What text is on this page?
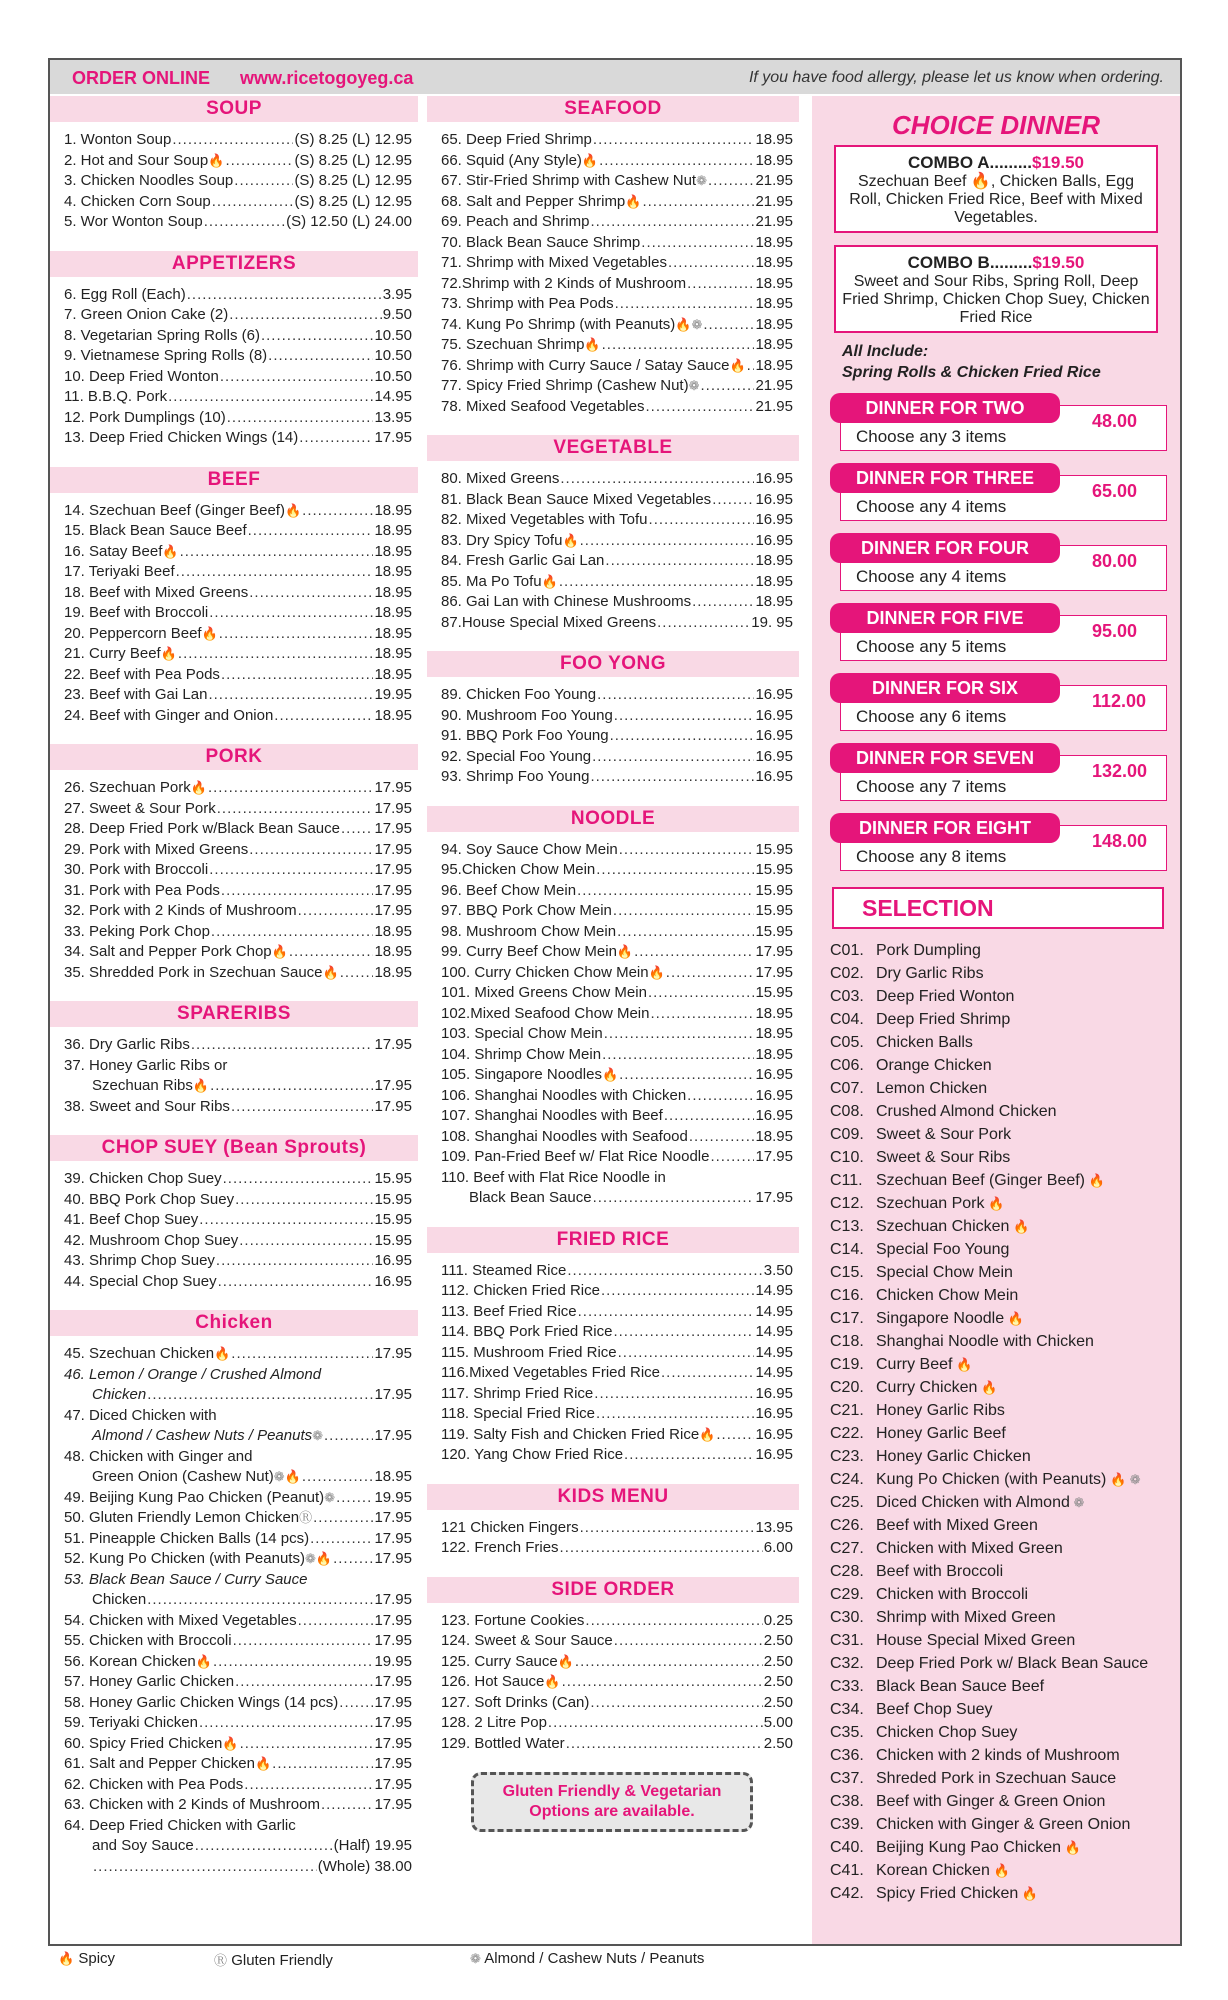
ORDER ONLINE www.ricetogoyeg.ca	If you have food allergy, please let us know when ordering.
SOUP
1. Wonton Soup .....	(S) 8.25 (L) 12.95
2. Hot and Sour Soup 🔥 .....	(S) 8.25 (L) 12.95
3. Chicken Noodles Soup .....	(S) 8.25 (L) 12.95
4. Chicken Corn Soup .....	(S) 8.25 (L) 12.95
5. Wor Wonton Soup .....	(S) 12.50 (L) 24.00
APPETIZERS
6. Egg Roll (Each) .....	3.95
7. Green Onion Cake (2) .....	9.50
8. Vegetarian Spring Rolls (6) .....	10.50
9. Vietnamese Spring Rolls (8) .....	10.50
10. Deep Fried Wonton .....	10.50
11. B.B.Q. Pork .....	14.95
12. Pork Dumplings (10) .....	13.95
13. Deep Fried Chicken Wings (14) .....	17.95
BEEF
14. Szechuan Beef (Ginger Beef) 🔥 .....	18.95
15. Black Bean Sauce Beef .....	18.95
16. Satay Beef 🔥 .....	18.95
17. Teriyaki Beef .....	18.95
18. Beef with Mixed Greens .....	18.95
19. Beef with Broccoli .....	18.95
20. Peppercorn Beef 🔥 .....	18.95
21. Curry Beef 🔥 .....	18.95
22. Beef with Pea Pods .....	18.95
23. Beef with Gai Lan .....	19.95
24. Beef with Ginger and Onion .....	18.95
PORK
26. Szechuan Pork 🔥 .....	17.95
27. Sweet & Sour Pork .....	17.95
28. Deep Fried Pork w/Black Bean Sauce ..... 17.95
29. Pork with Mixed Greens .....	17.95
30. Pork with Broccoli .....	17.95
31. Pork with Pea Pods .....	17.95
32. Pork with 2 Kinds of Mushroom .....	17.95
33. Peking Pork Chop .....	18.95
34. Salt and Pepper Pork Chop 🔥 .....	18.95
35. Shredded Pork in Szechuan Sauce 🔥 ..... 18.95
SPARERIBS
36. Dry Garlic Ribs .....	17.95
37. Honey Garlic Ribs or
Szechuan Ribs 🔥 .....	17.95
38. Sweet and Sour Ribs .....	17.95
CHOP SUEY (Bean Sprouts)
39. Chicken Chop Suey .....	15.95
40. BBQ Pork Chop Suey .....	15.95
41. Beef Chop Suey .....	15.95
42. Mushroom Chop Suey .....	15.95
43. Shrimp Chop Suey .....	16.95
44. Special Chop Suey .....	16.95
Chicken
45. Szechuan Chicken 🔥 .....	17.95
46. Lemon / Orange / Crushed Almond
Chicken .....	17.95
47. Diced Chicken with
Almond / Cashew Nuts / Peanuts ❁ .....	17.95
48. Chicken with Ginger and
Green Onion (Cashew Nut) ❁ 🔥 .....	18.95
49. Beijing Kung Pao Chicken (Peanut) ❁ .....	19.95
50. Gluten Friendly Lemon Chicken Ⓡ .....	17.95
51. Pineapple Chicken Balls (14 pcs) .....	17.95
52. Kung Po Chicken (with Peanuts) ❁ 🔥 .....	17.95
53. Black Bean Sauce / Curry Sauce
Chicken .....	17.95
54. Chicken with Mixed Vegetables .....	17.95
55. Chicken with Broccoli .....	17.95
56. Korean Chicken 🔥 .....	19.95
57. Honey Garlic Chicken .....	17.95
58. Honey Garlic Chicken Wings (14 pcs) ..... 17.95
59. Teriyaki Chicken .....	17.95
60. Spicy Fried Chicken 🔥 .....	17.95
61. Salt and Pepper Chicken 🔥 .....	17.95
62. Chicken with Pea Pods .....	17.95
63. Chicken with 2 Kinds of Mushroom .....	17.95
64. Deep Fried Chicken with Garlic
and Soy Sauce .....	(Half) 19.95
.....
(Whole) 38.00
SEAFOOD
65. Deep Fried Shrimp .....	18.95
66. Squid (Any Style) 🔥 .....	18.95
67. Stir-Fried Shrimp with Cashew Nut ❁ .....	21.95
68. Salt and Pepper Shrimp 🔥 .....	21.95
69. Peach and Shrimp .....	21.95
70. Black Bean Sauce Shrimp .....	18.95
71. Shrimp with Mixed Vegetables .....	18.95
72.Shrimp with 2 Kinds of Mushroom .....	18.95
73. Shrimp with Pea Pods .....	18.95
74. Kung Po Shrimp (with Peanuts) 🔥 ❁ .....	18.95
75. Szechuan Shrimp 🔥 .....	18.95
76. Shrimp with Curry Sauce / Satay Sauce 🔥 ..... 18.95
77. Spicy Fried Shrimp (Cashew Nut) ❁ .....	21.95
78. Mixed Seafood Vegetables .....	21.95
VEGETABLE
80. Mixed Greens .....	16.95
81. Black Bean Sauce Mixed Vegetables .....	16.95
82. Mixed Vegetables with Tofu .....	16.95
83. Dry Spicy Tofu 🔥 .....	16.95
84. Fresh Garlic Gai Lan .....	18.95
85. Ma Po Tofu 🔥 .....	18.95
86. Gai Lan with Chinese Mushrooms .....	18.95
87.House Special Mixed Greens .....	19. 95
FOO YONG
89. Chicken Foo Young .....	16.95
90. Mushroom Foo Young .....	16.95
91. BBQ Pork Foo Young .....	16.95
92. Special Foo Young .....	16.95
93. Shrimp Foo Young .....	16.95
NOODLE
94. Soy Sauce Chow Mein .....	15.95
95.Chicken Chow Mein .....	15.95
96. Beef Chow Mein .....	15.95
97. BBQ Pork Chow Mein .....	15.95
98. Mushroom Chow Mein .....	15.95
99. Curry Beef Chow Mein 🔥 .....	17.95
100. Curry Chicken Chow Mein 🔥 .....	17.95
101. Mixed Greens Chow Mein .....	15.95
102.Mixed Seafood Chow Mein .....	18.95
103. Special Chow Mein .....	18.95
104. Shrimp Chow Mein .....	18.95
105. Singapore Noodles 🔥 .....	16.95
106. Shanghai Noodles with Chicken .....	16.95
107. Shanghai Noodles with Beef .....	16.95
108. Shanghai Noodles with Seafood .....	18.95
109. Pan-Fried Beef w/ Flat Rice Noodle .....	17.95
110. Beef with Flat Rice Noodle in
Black Bean Sauce .....	17.95
FRIED RICE
111. Steamed Rice .....	3.50
112. Chicken Fried Rice .....	14.95
113. Beef Fried Rice .....	14.95
114. BBQ Pork Fried Rice .....	14.95
115. Mushroom Fried Rice .....	14.95
116.Mixed Vegetables Fried Rice .....	14.95
117. Shrimp Fried Rice .....	16.95
118. Special Fried Rice .....	16.95
119. Salty Fish and Chicken Fried Rice 🔥 .....	16.95
120. Yang Chow Fried Rice .....	16.95
KIDS MENU
121 Chicken Fingers .....	13.95
122. French Fries .....	6.00
SIDE ORDER
123. Fortune Cookies .....	0.25
124. Sweet & Sour Sauce .....	2.50
125. Curry Sauce 🔥 .....	2.50
126. Hot Sauce 🔥 .....	2.50
127. Soft Drinks (Can) .....	2.50
128. 2 Litre Pop .....	5.00
129. Bottled Water .....	2.50
Gluten Friendly & Vegetarian Options are available.
CHOICE DINNER
COMBO A.........$19.50
Szechuan Beef 🔥, Chicken Balls, Egg Roll, Chicken Fried Rice, Beef with Mixed Vegetables.
COMBO B.........$19.50
Sweet and Sour Ribs, Spring Roll, Deep Fried Shrimp, Chicken Chop Suey, Chicken Fried Rice
All Include:
Spring Rolls & Chicken Fried Rice
DINNER FOR TWO
Choose any 3 items
48.00
DINNER FOR THREE
Choose any 4 items
65.00
DINNER FOR FOUR
Choose any 4 items
80.00
DINNER FOR FIVE
Choose any 5 items
95.00
DINNER FOR SIX
Choose any 6 items
112.00
DINNER FOR SEVEN
Choose any 7 items
132.00
DINNER FOR EIGHT
Choose any 8 items
148.00
SELECTION
C01. Pork Dumpling
C02. Dry Garlic Ribs
C03. Deep Fried Wonton
C04. Deep Fried Shrimp
C05. Chicken Balls
C06. Orange Chicken
C07. Lemon Chicken
C08. Crushed Almond Chicken
C09. Sweet & Sour Pork
C10. Sweet & Sour Ribs
C11. Szechuan Beef (Ginger Beef) 🔥
C12. Szechuan Pork 🔥
C13. Szechuan Chicken 🔥
C14. Special Foo Young
C15. Special Chow Mein
C16. Chicken Chow Mein
C17. Singapore Noodle 🔥
C18. Shanghai Noodle with Chicken
C19. Curry Beef 🔥
C20. Curry Chicken 🔥
C21. Honey Garlic Ribs
C22. Honey Garlic Beef
C23. Honey Garlic Chicken
C24. Kung Po Chicken (with Peanuts) 🔥 ❁
C25. Diced Chicken with Almond ❁
C26. Beef with Mixed Green
C27. Chicken with Mixed Green
C28. Beef with Broccoli
C29. Chicken with Broccoli
C30. Shrimp with Mixed Green
C31. House Special Mixed Green
C32. Deep Fried Pork w/ Black Bean Sauce
C33. Black Bean Sauce Beef
C34. Beef Chop Suey
C35. Chicken Chop Suey
C36. Chicken with 2 kinds of Mushroom
C37. Shreded Pork in Szechuan Sauce
C38. Beef with Ginger & Green Onion
C39. Chicken with Ginger & Green Onion
C40. Beijing Kung Pao Chicken 🔥
C41. Korean Chicken 🔥
C42. Spicy Fried Chicken 🔥
🔥 Spicy	Ⓡ Gluten Friendly	❁ Almond / Cashew Nuts / Peanuts
